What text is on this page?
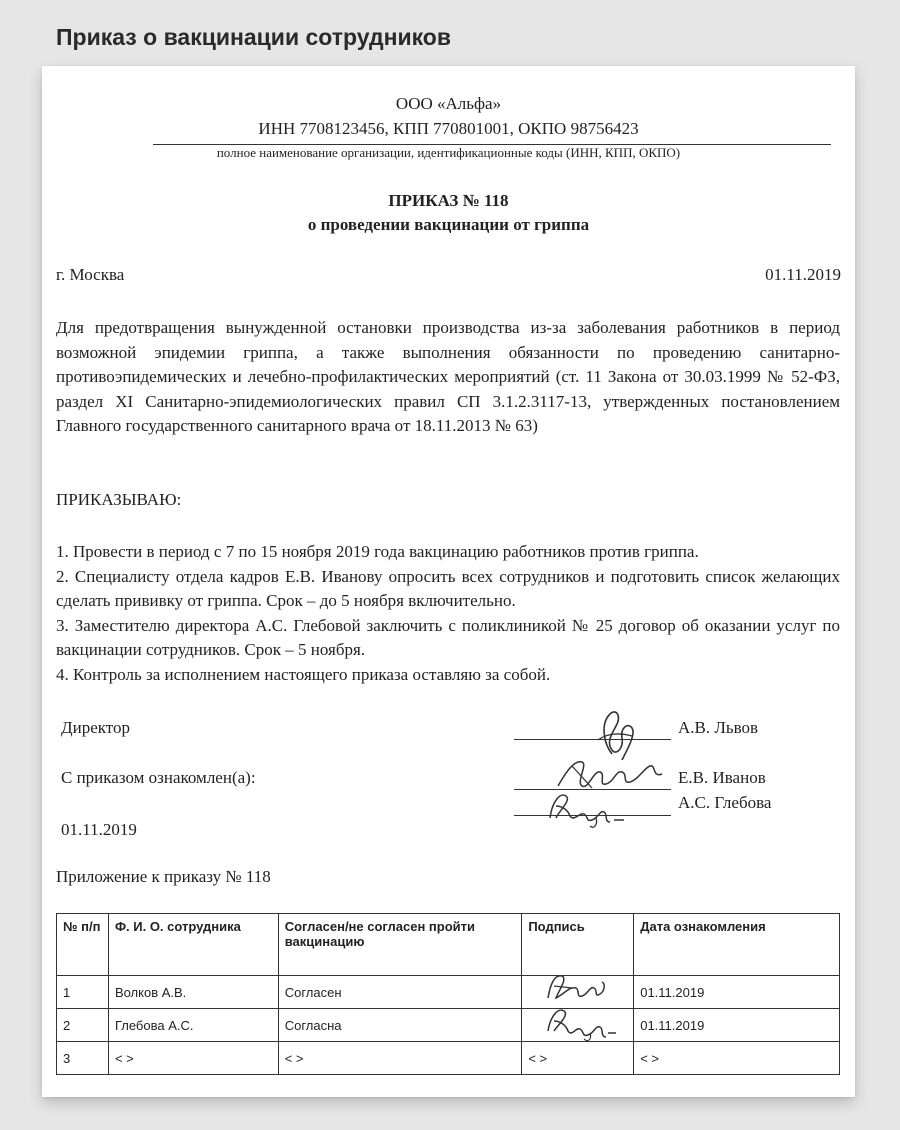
Приказ о вакцинации сотрудников
ООО «Альфа»
ИНН 7708123456, КПП 770801001, ОКПО 98756423
полное наименование организации, идентификационные коды (ИНН, КПП, ОКПО)
ПРИКАЗ № 118
о проведении вакцинации от гриппа
г. Москва	01.11.2019

Для предотвращения вынужденной остановки производства из-за заболевания работников в период возможной эпидемии гриппа, а также выполнения обязанности по проведению санитарно-противоэпидемических и лечебно-профилактических мероприятий (ст. 11 Закона от 30.03.1999 № 52-ФЗ, раздел XI Санитарно-эпидемиологических правил СП 3.1.2.3117-13, утвержденных постановлением Главного государственного санитарного врача от 18.11.2013 № 63)

ПРИКАЗЫВАЮ:
1. Провести в период с 7 по 15 ноября 2019 года вакцинацию работников против гриппа.
2. Специалисту отдела кадров Е.В. Иванову опросить всех сотрудников и подготовить список желающих сделать прививку от гриппа. Срок – до 5 ноября включительно.
3. Заместителю директора А.С. Глебовой заключить с поликлиникой № 25 договор об оказании услуг по вакцинации сотрудников. Срок – 5 ноября.
4. Контроль за исполнением настоящего приказа оставляю за собой.
Директор	А.В. Львов
С приказом ознакомлен(а):	Е.В. Иванов
А.С. Глебова
01.11.2019
Приложение к приказу № 118
№ п/п	Ф. И. О. сотрудника	Согласен/не согласен пройти вакцинацию	Подпись	Дата ознакомления
1	Волков А.В.	Согласен		01.11.2019
2	Глебова А.С.	Согласна		01.11.2019
3	< >	< >	< >	< >
